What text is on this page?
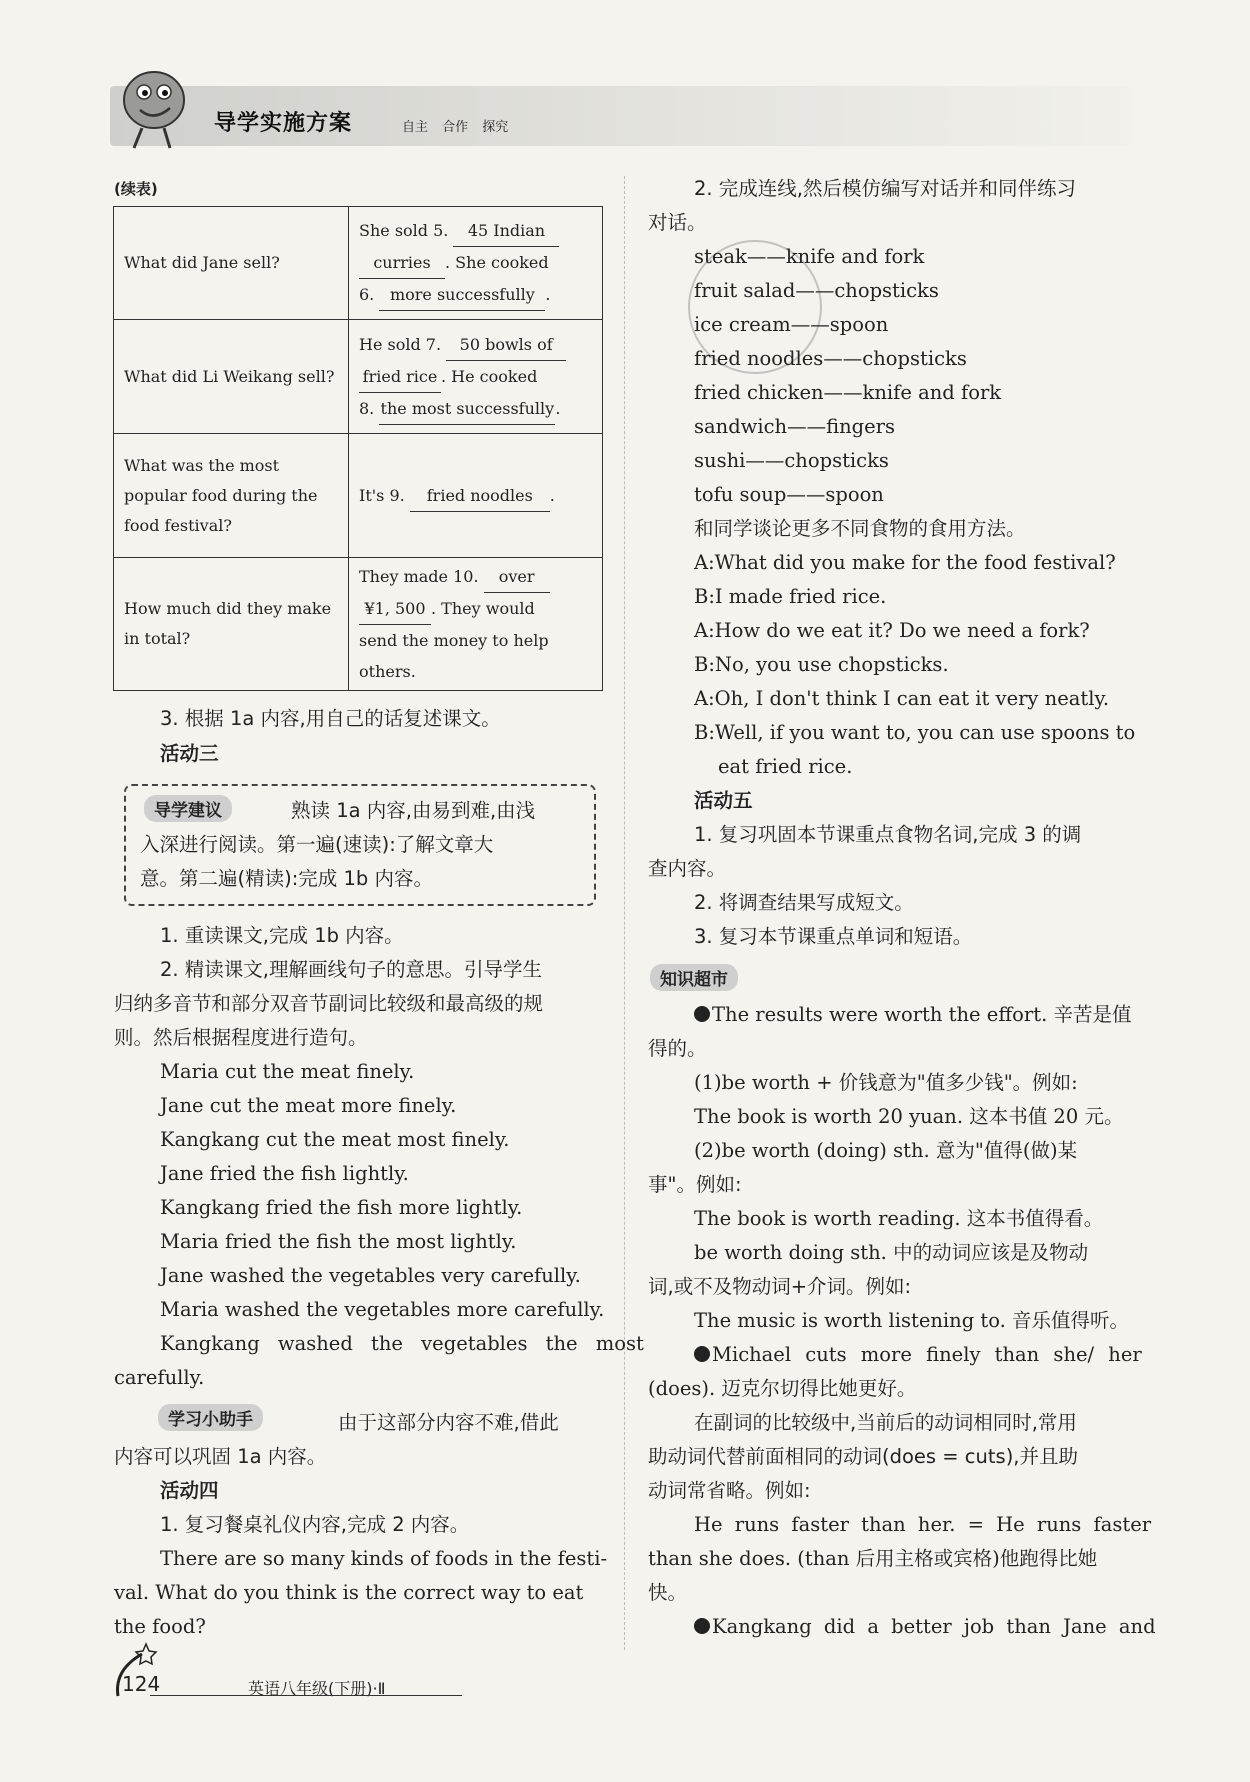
导学实施方案	自主 合作 探究
(续表)
What did Jane sell?	She sold 5. 45 Indian
curries . She cooked
6. more successfully .
What did Li Weikang sell?	He sold 7. 50 bowls of
fried rice . He cooked
8. the most successfully.
What was the most popular food during the food festival?	It's 9. fried noodles .
How much did they make in total?	They made 10. over
¥1, 500 . They would
send the money to help
others.
3. 根据 1a 内容,用自己的话复述课文。
活动三
导学建议	熟读 1a 内容,由易到难,由浅
入深进行阅读。第一遍(速读):了解文章大
意。第二遍(精读):完成 1b 内容。
1. 重读课文,完成 1b 内容。
2. 精读课文,理解画线句子的意思。引导学生
归纳多音节和部分双音节副词比较级和最高级的规
则。然后根据程度进行造句。
Maria cut the meat finely.
Jane cut the meat more finely.
Kangkang cut the meat most finely.
Jane fried the fish lightly.
Kangkang fried the fish more lightly.
Maria fried the fish the most lightly.
Jane washed the vegetables very carefully.
Maria washed the vegetables more carefully.
Kangkang washed the vegetables the most
carefully.
学习小助手	由于这部分内容不难,借此
内容可以巩固 1a 内容。
活动四
1. 复习餐桌礼仪内容,完成 2 内容。
There are so many kinds of foods in the festi-
val. What do you think is the correct way to eat
the food?
2. 完成连线,然后模仿编写对话并和同伴练习
对话。
steak——knife and fork
fruit salad——chopsticks
ice cream——spoon
fried noodles——chopsticks
fried chicken——knife and fork
sandwich——fingers
sushi——chopsticks
tofu soup——spoon
和同学谈论更多不同食物的食用方法。
A:What did you make for the food festival?
B:I made fried rice.
A:How do we eat it? Do we need a fork?
B:No, you use chopsticks.
A:Oh, I don't think I can eat it very neatly.
B:Well, if you want to, you can use spoons to
eat fried rice.
活动五
1. 复习巩固本节课重点食物名词,完成 3 的调
查内容。
2. 将调查结果写成短文。
3. 复习本节课重点单词和短语。
知识超市
The results were worth the effort. 辛苦是值
得的。
(1)be worth + 价钱意为"值多少钱"。例如:
The book is worth 20 yuan. 这本书值 20 元。
(2)be worth (doing) sth. 意为"值得(做)某
事"。例如:
The book is worth reading. 这本书值得看。
be worth doing sth. 中的动词应该是及物动
词,或不及物动词+介词。例如:
The music is worth listening to. 音乐值得听。
Michael cuts more finely than she/ her
(does). 迈克尔切得比她更好。
在副词的比较级中,当前后的动词相同时,常用
助动词代替前面相同的动词(does = cuts),并且助
动词常省略。例如:
He runs faster than her. = He runs faster
than she does. (than 后用主格或宾格)他跑得比她
快。
Kangkang did a better job than Jane and
124	英语八年级(下册)·Ⅱ
